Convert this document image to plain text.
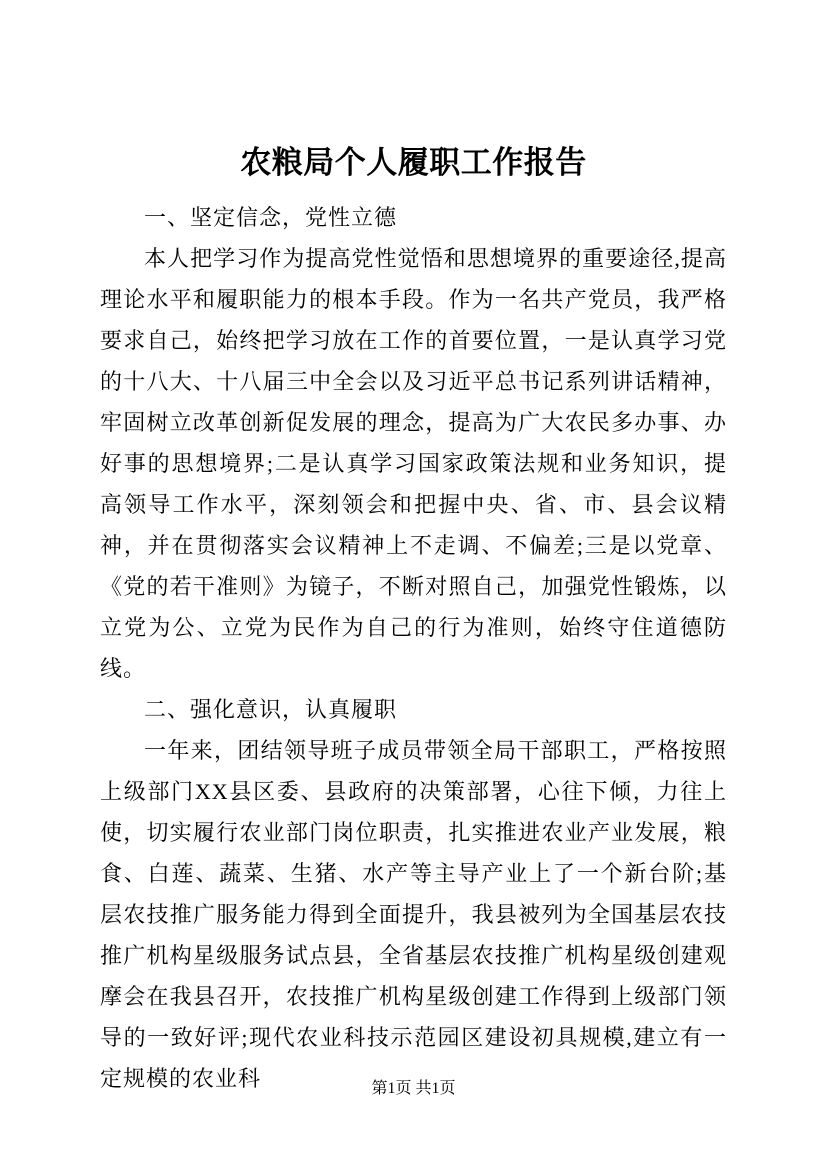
农粮局个人履职工作报告
一、坚定信念，党性立德

本人把学习作为提高党性觉悟和思想境界的重要途径,提高理论水平和履职能力的根本手段。作为一名共产党员，我严格要求自己，始终把学习放在工作的首要位置，一是认真学习党的十八大、十八届三中全会以及习近平总书记系列讲话精神，牢固树立改革创新促发展的理念，提高为广大农民多办事、办好事的思想境界;二是认真学习国家政策法规和业务知识，提高领导工作水平，深刻领会和把握中央、省、市、县会议精神，并在贯彻落实会议精神上不走调、不偏差;三是以党章、《党的若干准则》为镜子，不断对照自己，加强党性锻炼，以立党为公、立党为民作为自己的行为准则，始终守住道德防线。

二、强化意识，认真履职

一年来，团结领导班子成员带领全局干部职工，严格按照上级部门XX县区委、县政府的决策部署，心往下倾，力往上使，切实履行农业部门岗位职责，扎实推进农业产业发展，粮食、白莲、蔬菜、生猪、水产等主导产业上了一个新台阶;基层农技推广服务能力得到全面提升，我县被列为全国基层农技推广机构星级服务试点县，全省基层农技推广机构星级创建观摩会在我县召开，农技推广机构星级创建工作得到上级部门领导的一致好评;现代农业科技示范园区建设初具规模,建立有一定规模的农业科	第1页 共1页
